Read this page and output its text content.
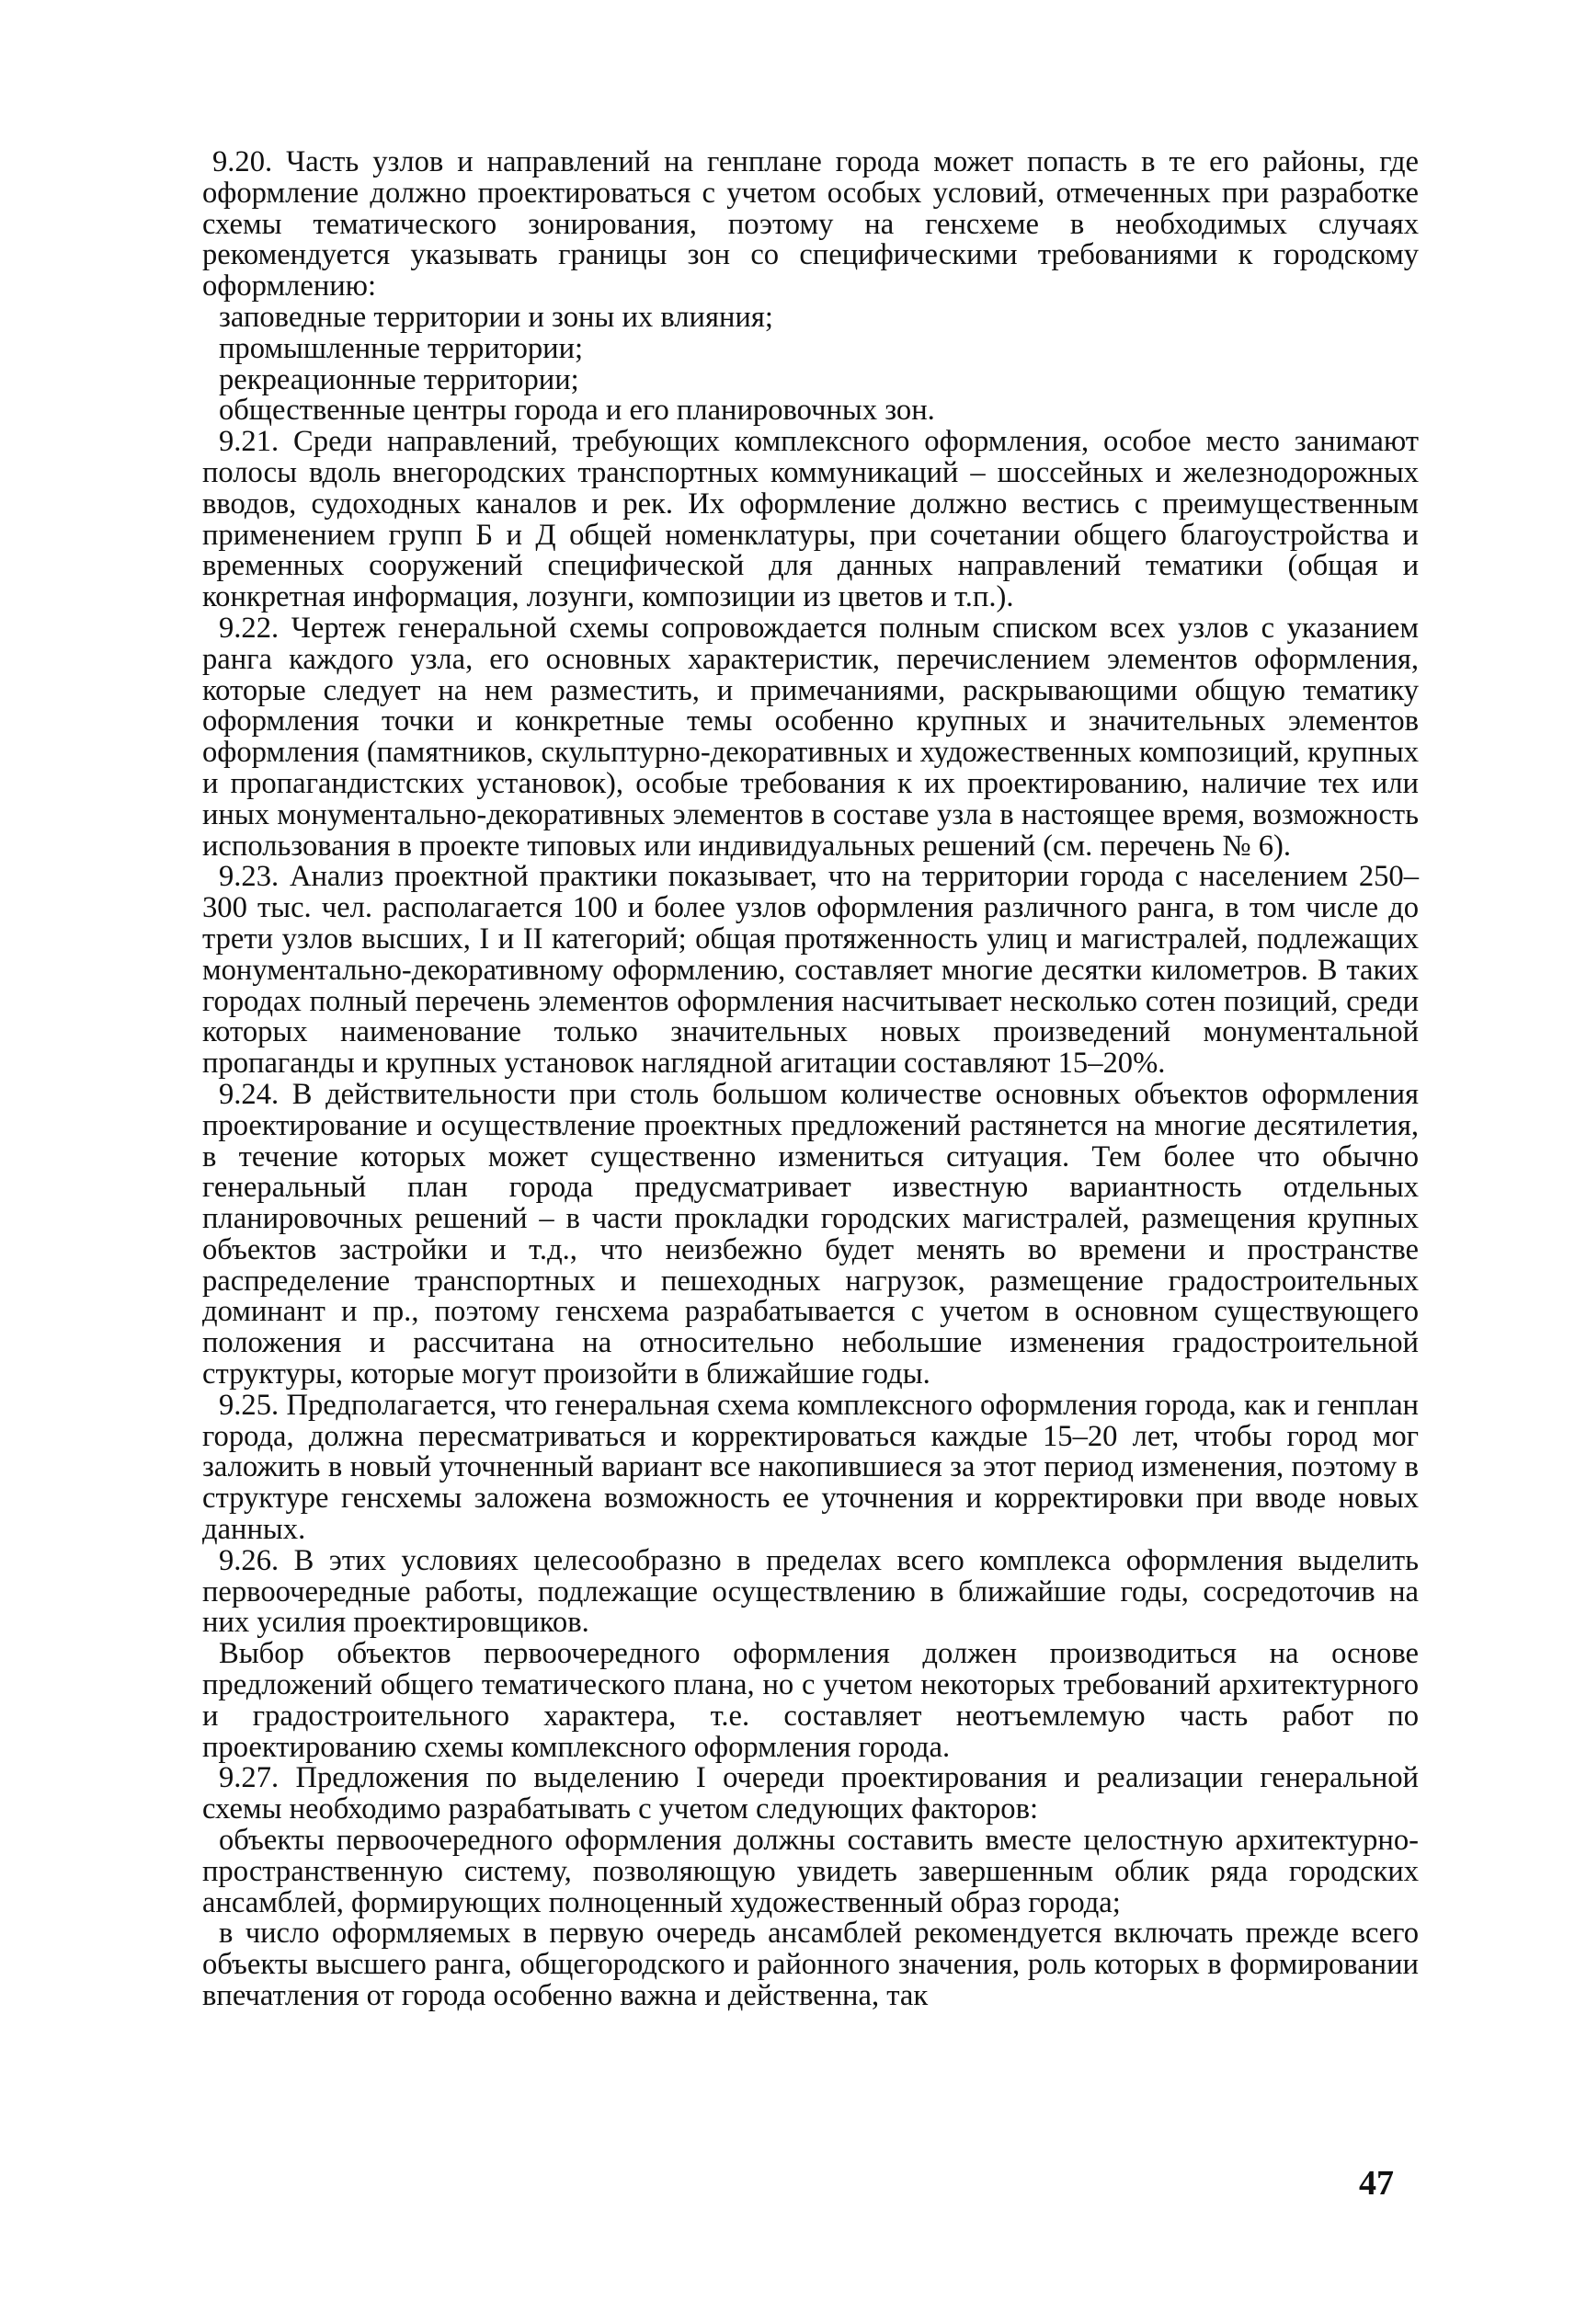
9.20. Часть узлов и направлений на генплане города может попасть в те его районы, где оформление должно проектироваться с учетом особых условий, отмеченных при разработке схемы тематического зонирования, поэтому на генсхеме в необходимых случаях рекомендуется указывать границы зон со специфическими требованиями к городскому оформлению:

заповедные территории и зоны их влияния;

промышленные территории;

рекреационные территории;

общественные центры города и его планировочных зон.

9.21. Среди направлений, требующих комплексного оформления, особое место занимают полосы вдоль внегородских транспортных коммуникаций – шоссейных и железнодорожных вводов, судоходных каналов и рек. Их оформление должно вестись с преимущественным применением групп Б и Д общей номенклатуры, при сочетании общего благоустройства и временных сооружений специфической для данных направлений тематики (общая и конкретная информация, лозунги, композиции из цветов и т.п.).

9.22. Чертеж генеральной схемы сопровождается полным списком всех узлов с указанием ранга каждого узла, его основных характеристик, перечислением элементов оформления, которые следует на нем разместить, и примечаниями, раскрывающими общую тематику оформления точки и конкретные темы особенно крупных и значительных элементов оформления (памятников, скульптурно-декоративных и художественных композиций, крупных и пропагандистских установок), особые требования к их проектированию, наличие тех или иных монументально-декоративных элементов в составе узла в настоящее время, возможность использования в проекте типовых или индивидуальных решений (см. перечень № 6).

9.23. Анализ проектной практики показывает, что на территории города с населением 250–300 тыс. чел. располагается 100 и более узлов оформления различного ранга, в том числе до трети узлов высших, I и II категорий; общая протяженность улиц и магистралей, подлежащих монументально-декоративному оформлению, составляет многие десятки километров. В таких городах полный перечень элементов оформления насчитывает несколько сотен позиций, среди которых наименование только значительных новых произведений монументальной пропаганды и крупных установок наглядной агитации составляют 15–20%.

9.24. В действительности при столь большом количестве основных объектов оформления проектирование и осуществление проектных предложений растянется на многие десятилетия, в течение которых может существенно измениться ситуация. Тем более что обычно генеральный план города предусматривает известную вариантность отдельных планировочных решений – в части прокладки городских магистралей, размещения крупных объектов застройки и т.д., что неизбежно будет менять во времени и пространстве распределение транспортных и пешеходных нагрузок, размещение градостроительных доминант и пр., поэтому генсхема разрабатывается с учетом в основном существующего положения и рассчитана на относительно небольшие изменения градостроительной структуры, которые могут произойти в ближайшие годы.

9.25. Предполагается, что генеральная схема комплексного оформления города, как и генплан города, должна пересматриваться и корректироваться каждые 15–20 лет, чтобы город мог заложить в новый уточненный вариант все накопившиеся за этот период изменения, поэтому в структуре генсхемы заложена возможность ее уточнения и корректировки при вводе новых данных.

9.26. В этих условиях целесообразно в пределах всего комплекса оформления выделить первоочередные работы, подлежащие осуществлению в ближайшие годы, сосредоточив на них усилия проектировщиков.

Выбор объектов первоочередного оформления должен производиться на основе предложений общего тематического плана, но с учетом некоторых требований архитектурного и градостроительного характера, т.е. составляет неотъемлемую часть работ по проектированию схемы комплексного оформления города.

9.27. Предложения по выделению I очереди проектирования и реализации генеральной схемы необходимо разрабатывать с учетом следующих факторов:

объекты первоочередного оформления должны составить вместе целостную архитектурно-пространственную систему, позволяющую увидеть завершенным облик ряда городских ансамблей, формирующих полноценный художественный образ города;

в число оформляемых в первую очередь ансамблей рекомендуется включать прежде всего объекты высшего ранга, общегородского и районного значения, роль которых в формировании впечатления от города особенно важна и действенна, так

47
